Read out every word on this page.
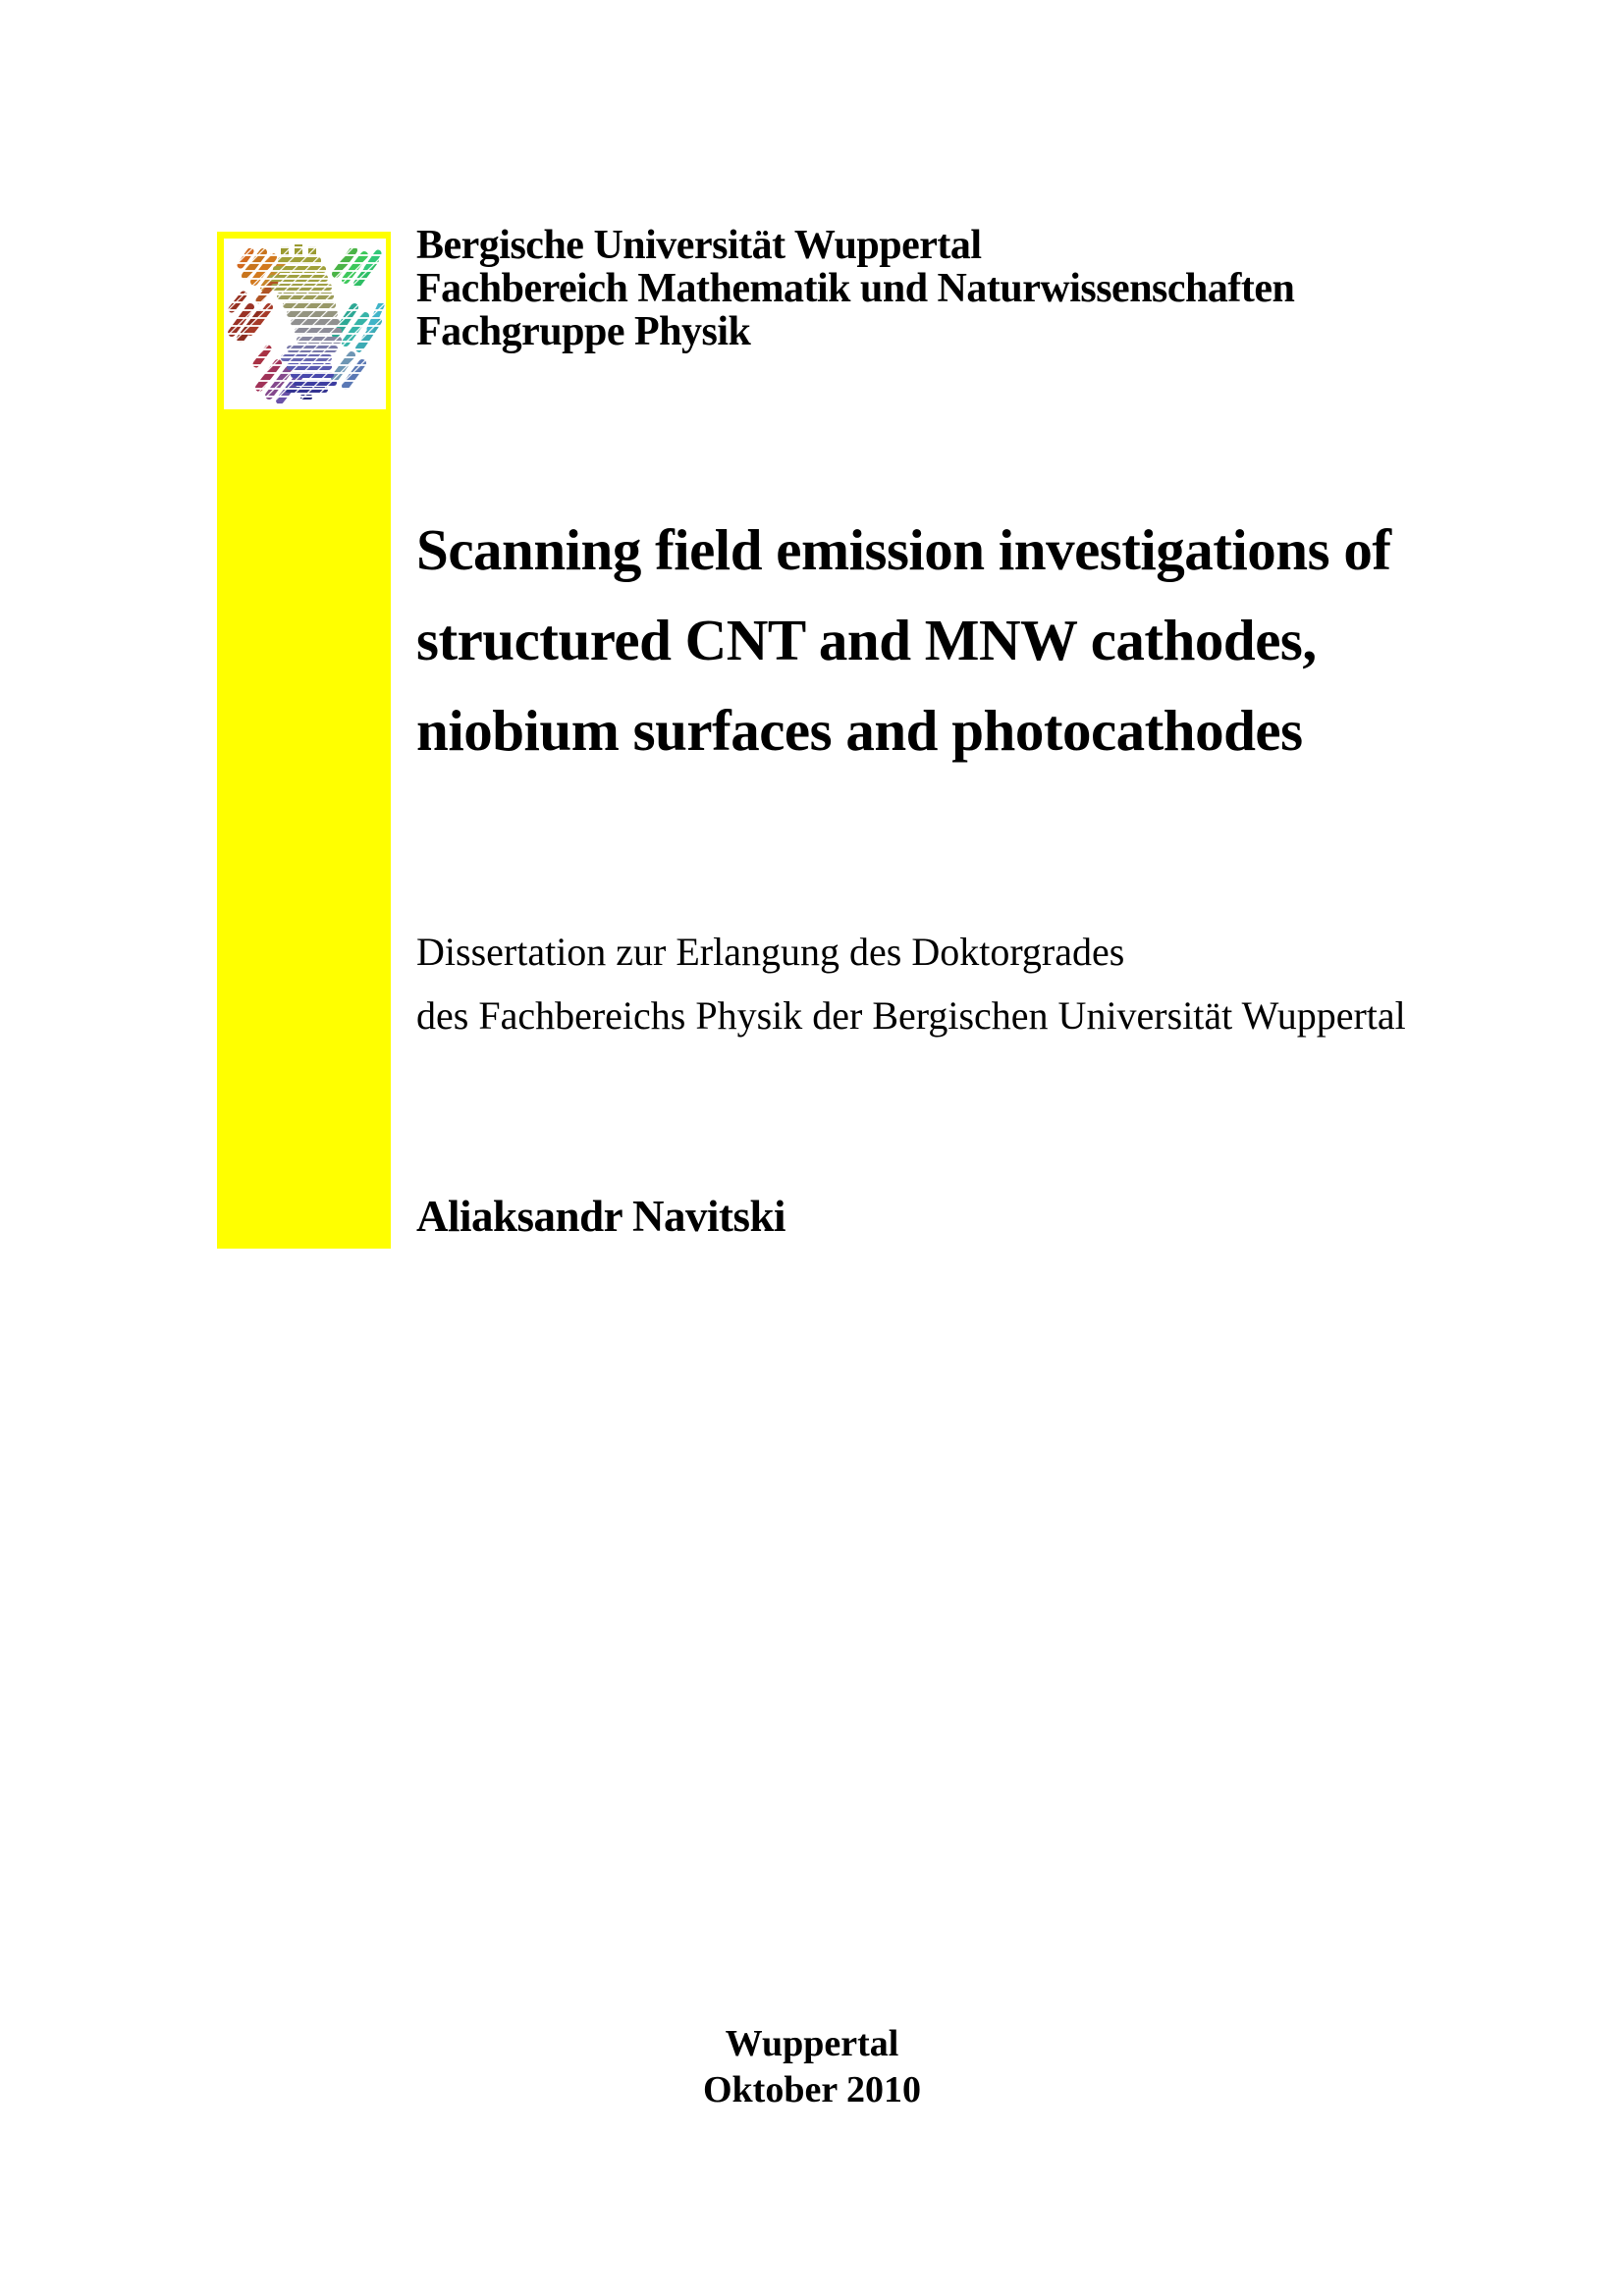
Bergische Universität Wuppertal
Fachbereich Mathematik und Naturwissenschaften
Fachgruppe Physik
Scanning field emission investigations of
structured CNT and MNW cathodes,
niobium surfaces and photocathodes
Dissertation zur Erlangung des Doktorgrades
des Fachbereichs Physik der Bergischen Universität Wuppertal
Aliaksandr Navitski
Wuppertal
Oktober 2010
